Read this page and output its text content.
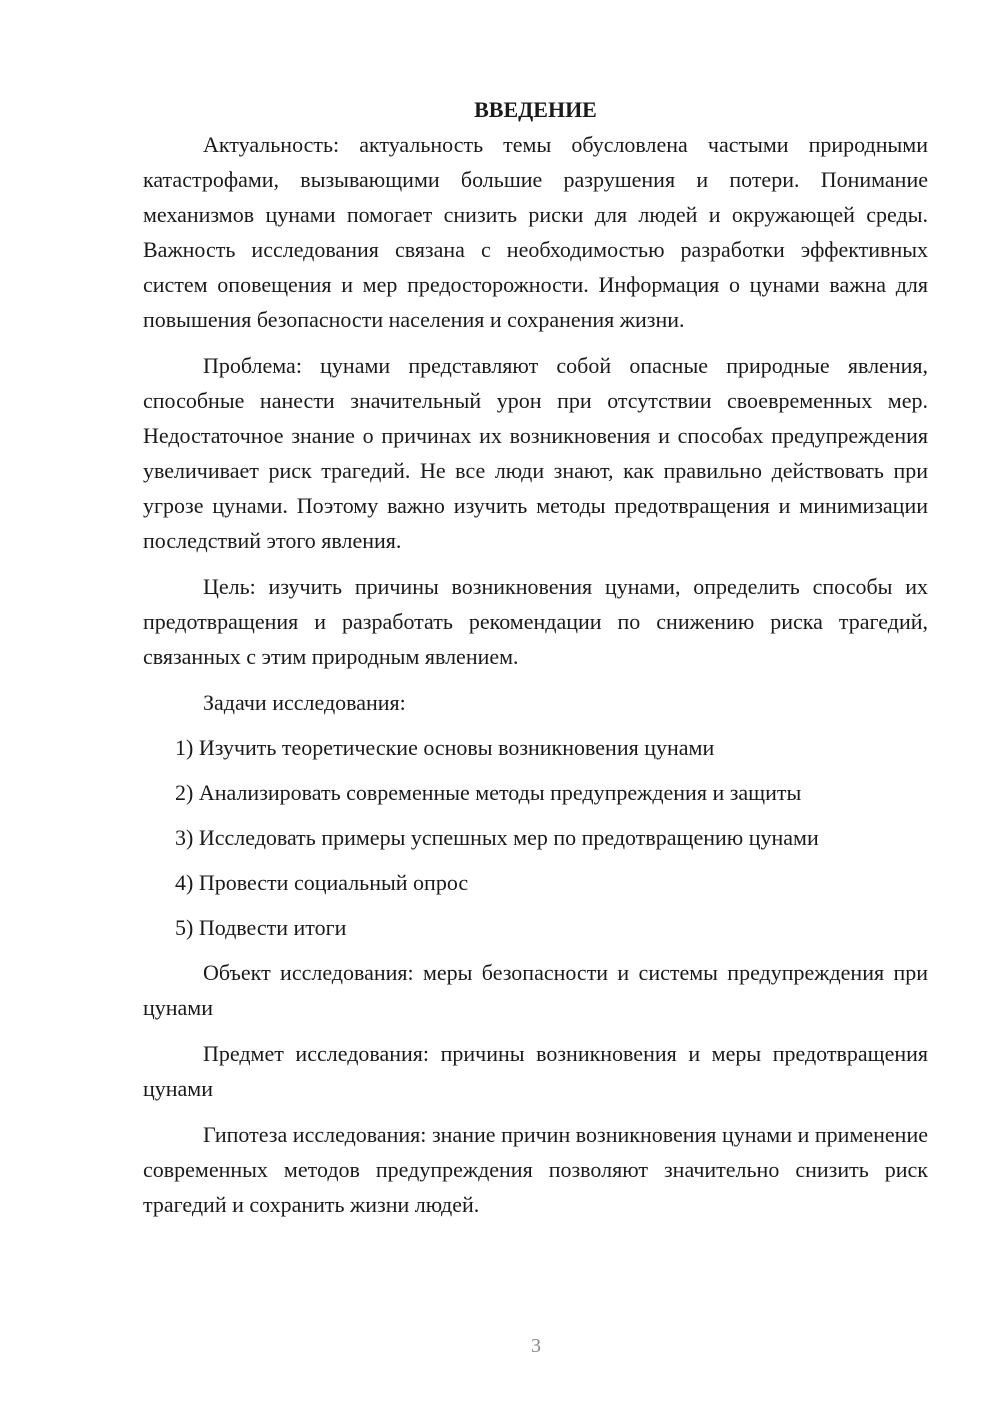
ВВЕДЕНИЕ

Актуальность: актуальность темы обусловлена частыми природными катастрофами, вызывающими большие разрушения и потери. Понимание механизмов цунами помогает снизить риски для людей и окружающей среды. Важность исследования связана с необходимостью разработки эффективных систем оповещения и мер предосторожности. Информация о цунами важна для повышения безопасности населения и сохранения жизни.

Проблема: цунами представляют собой опасные природные явления, способные нанести значительный урон при отсутствии своевременных мер. Недостаточное знание о причинах их возникновения и способах предупреждения увеличивает риск трагедий. Не все люди знают, как правильно действовать при угрозе цунами. Поэтому важно изучить методы предотвращения и минимизации последствий этого явления.

Цель: изучить причины возникновения цунами, определить способы их предотвращения и разработать рекомендации по снижению риска трагедий, связанных с этим природным явлением.

Задачи исследования:

1) Изучить теоретические основы возникновения цунами

2) Анализировать современные методы предупреждения и защиты

3) Исследовать примеры успешных мер по предотвращению цунами

4) Провести социальный опрос

5) Подвести итоги

Объект исследования: меры безопасности и системы предупреждения при цунами

Предмет исследования: причины возникновения и меры предотвращения цунами

Гипотеза исследования: знание причин возникновения цунами и применение современных методов предупреждения позволяют значительно снизить риск трагедий и сохранить жизни людей.

3
